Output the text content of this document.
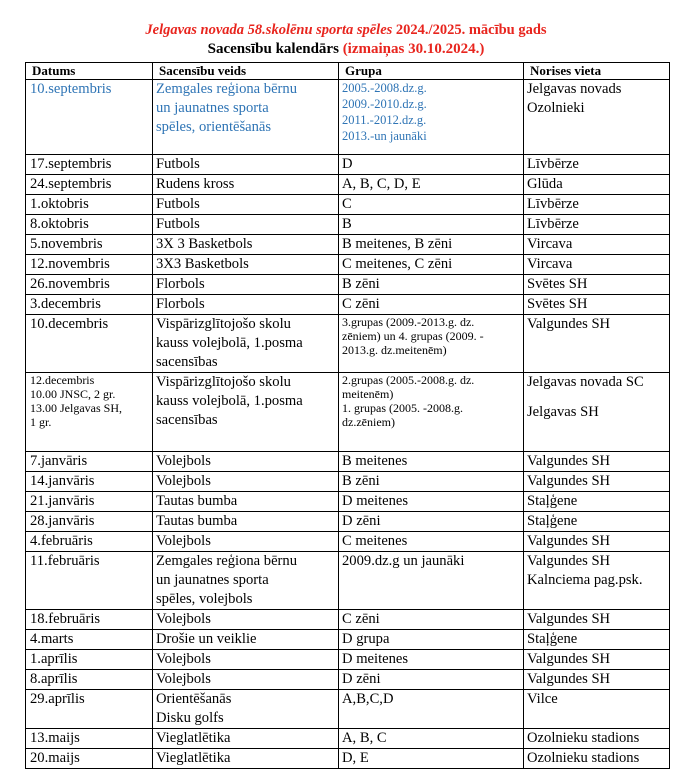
Jelgavas novada 58.skolēnu sporta spēles 2024./2025. mācību gads
Sacensību kalendārs (izmaiņas 30.10.2024.)
Datums	Sacensību veids	Grupa	Norises vieta

10.septembris	Zemgales reģiona bērnu
un jaunatnes sporta
spēles, orientēšanās	2005.-2008.dz.g.
2009.-2010.dz.g.
2011.-2012.dz.g.
2013.-un jaunāki	Jelgavas novads
Ozolnieki

17.septembris	Futbols	D	Līvbērze

24.septembris	Rudens kross	A, B, C, D, E	Glūda

1.oktobris	Futbols	C	Līvbērze

8.oktobris	Futbols	B	Līvbērze

5.novembris	3X 3 Basketbols	B meitenes, B zēni	Vircava

12.novembris	3X3 Basketbols	C meitenes, C zēni	Vircava

26.novembris	Florbols	B zēni	Svētes SH

3.decembris	Florbols	C zēni	Svētes SH

10.decembris	Vispārizglītojošo skolu
kauss volejbolā, 1.posma
sacensības	3.grupas (2009.-2013.g. dz.
zēniem) un 4. grupas (2009. -
2013.g. dz.meitenēm)	Valgundes SH

12.decembris
10.00 JNSC, 2 gr.
13.00 Jelgavas SH,
1 gr.	Vispārizglītojošo skolu
kauss volejbolā, 1.posma
sacensības	2.grupas (2005.-2008.g. dz.
meitenēm)
1. grupas (2005. -2008.g.
dz.zēniem)	Jelgavas novada SC
Jelgavas SH

7.janvāris	Volejbols	B meitenes	Valgundes SH

14.janvāris	Volejbols	B zēni	Valgundes SH

21.janvāris	Tautas bumba	D meitenes	Staļģene

28.janvāris	Tautas bumba	D zēni	Staļģene

4.februāris	Volejbols	C meitenes	Valgundes SH

11.februāris	Zemgales reģiona bērnu
un jaunatnes sporta
spēles, volejbols	2009.dz.g un jaunāki	Valgundes SH
Kalnciema pag.psk.

18.februāris	Volejbols	C zēni	Valgundes SH

4.marts	Drošie un veiklie	D grupa	Staļģene

1.aprīlis	Volejbols	D meitenes	Valgundes SH

8.aprīlis	Volejbols	D zēni	Valgundes SH

29.aprīlis	Orientēšanās
Disku golfs	A,B,C,D	Vilce

13.maijs	Vieglatlētika	A, B, C	Ozolnieku stadions

20.maijs	Vieglatlētika	D, E	Ozolnieku stadions
